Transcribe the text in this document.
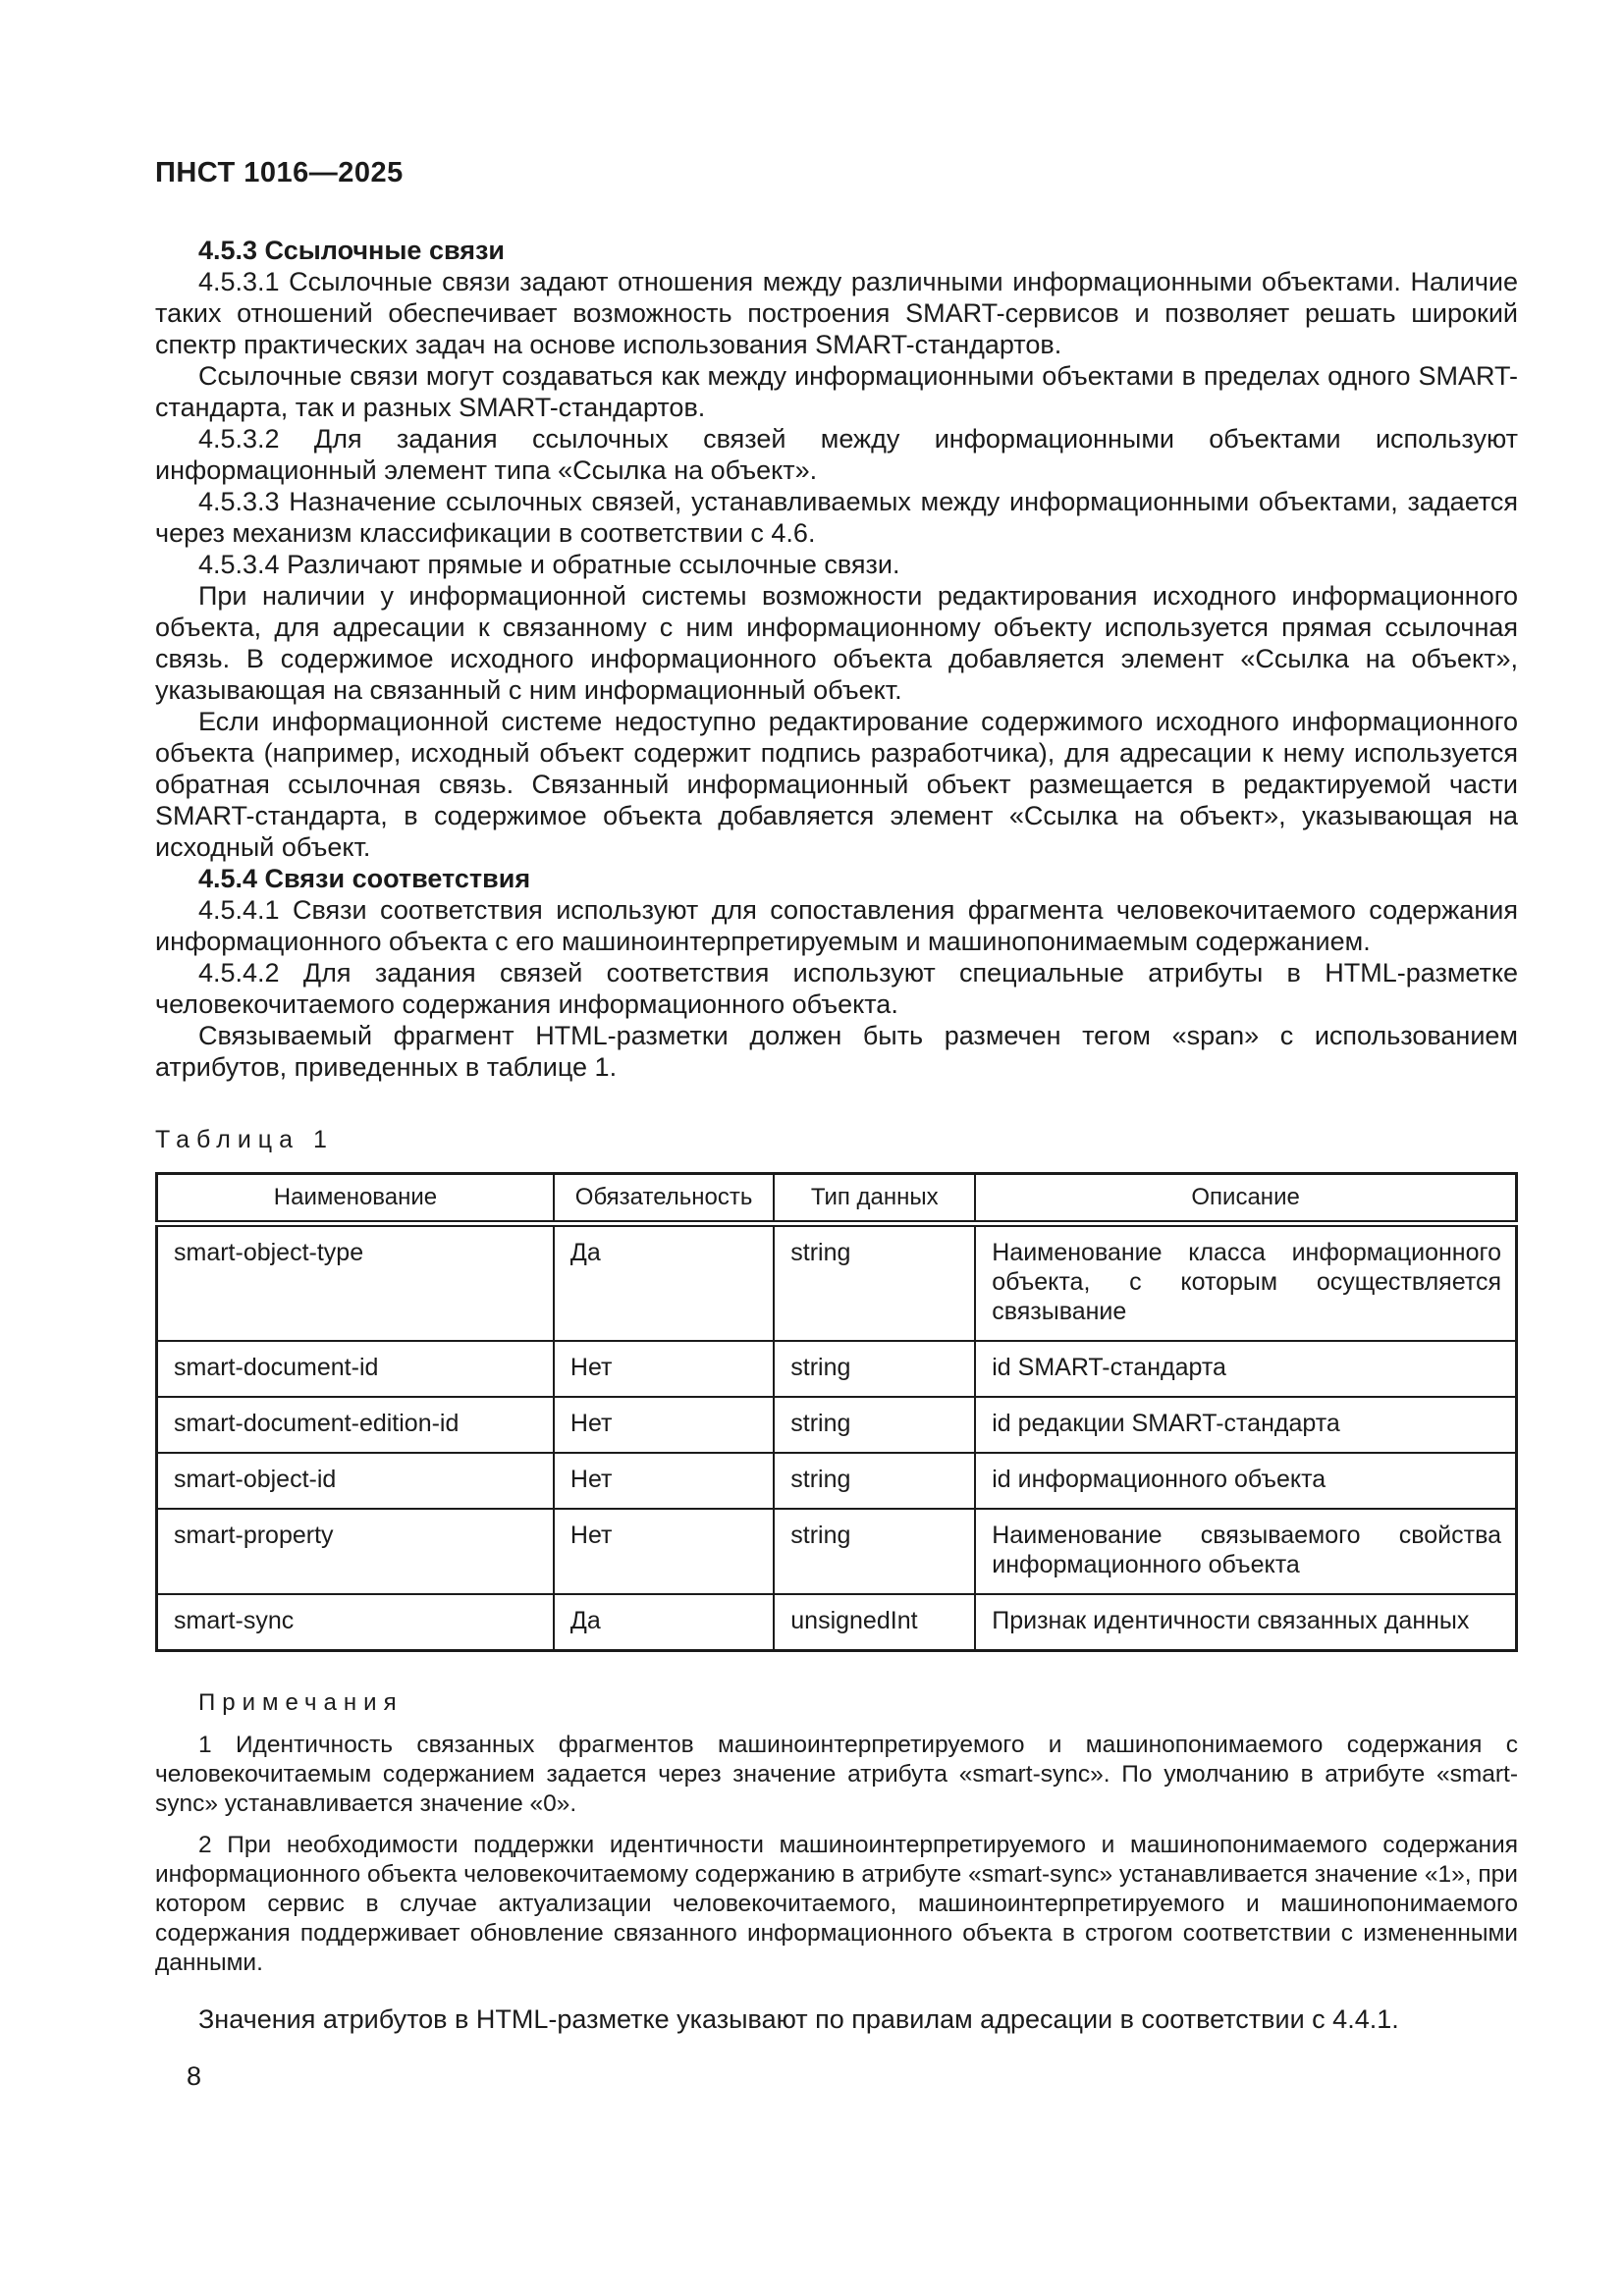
ПНСТ 1016—2025

4.5.3 Ссылочные связи

4.5.3.1 Ссылочные связи задают отношения между различными информационными объектами. Наличие таких отношений обеспечивает возможность построения SMART-сервисов и позволяет решать широкий спектр практических задач на основе использования SMART-стандартов.

Ссылочные связи могут создаваться как между информационными объектами в пределах одного SMART-стандарта, так и разных SMART-стандартов.

4.5.3.2 Для задания ссылочных связей между информационными объектами используют информационный элемент типа «Ссылка на объект».

4.5.3.3 Назначение ссылочных связей, устанавливаемых между информационными объектами, задается через механизм классификации в соответствии с 4.6.

4.5.3.4 Различают прямые и обратные ссылочные связи.

При наличии у информационной системы возможности редактирования исходного информационного объекта, для адресации к связанному с ним информационному объекту используется прямая ссылочная связь. В содержимое исходного информационного объекта добавляется элемент «Ссылка на объект», указывающая на связанный с ним информационный объект.

Если информационной системе недоступно редактирование содержимого исходного информационного объекта (например, исходный объект содержит подпись разработчика), для адресации к нему используется обратная ссылочная связь. Связанный информационный объект размещается в редактируемой части SMART-стандарта, в содержимое объекта добавляется элемент «Ссылка на объект», указывающая на исходный объект.

4.5.4 Связи соответствия

4.5.4.1 Связи соответствия используют для сопоставления фрагмента человекочитаемого содержания информационного объекта с его машиноинтерпретируемым и машинопонимаемым содержанием.

4.5.4.2 Для задания связей соответствия используют специальные атрибуты в HTML-разметке человекочитаемого содержания информационного объекта.

Связываемый фрагмент HTML-разметки должен быть размечен тегом «span» с использованием атрибутов, приведенных в таблице 1.

Таблица 1

Наименование	Обязательность	Тип данных	Описание
smart-object-type	Да	string	Наименование класса информационного объекта, с которым осуществляется связывание
smart-document-id	Нет	string	id SMART-стандарта
smart-document-edition-id	Нет	string	id редакции SMART-стандарта
smart-object-id	Нет	string	id информационного объекта
smart-property	Нет	string	Наименование связываемого свойства информационного объекта
smart-sync	Да	unsignedInt	Признак идентичности связанных данных

Примечания

1 Идентичность связанных фрагментов машиноинтерпретируемого и машинопонимаемого содержания с человекочитаемым содержанием задается через значение атрибута «smart-sync». По умолчанию в атрибуте «smart-sync» устанавливается значение «0».

2 При необходимости поддержки идентичности машиноинтерпретируемого и машинопонимаемого содержания информационного объекта человекочитаемому содержанию в атрибуте «smart-sync» устанавливается значение «1», при котором сервис в случае актуализации человекочитаемого, машиноинтерпретируемого и машинопонимаемого содержания поддерживает обновление связанного информационного объекта в строгом соответствии с измененными данными.

Значения атрибутов в HTML-разметке указывают по правилам адресации в соответствии с 4.4.1.

8
